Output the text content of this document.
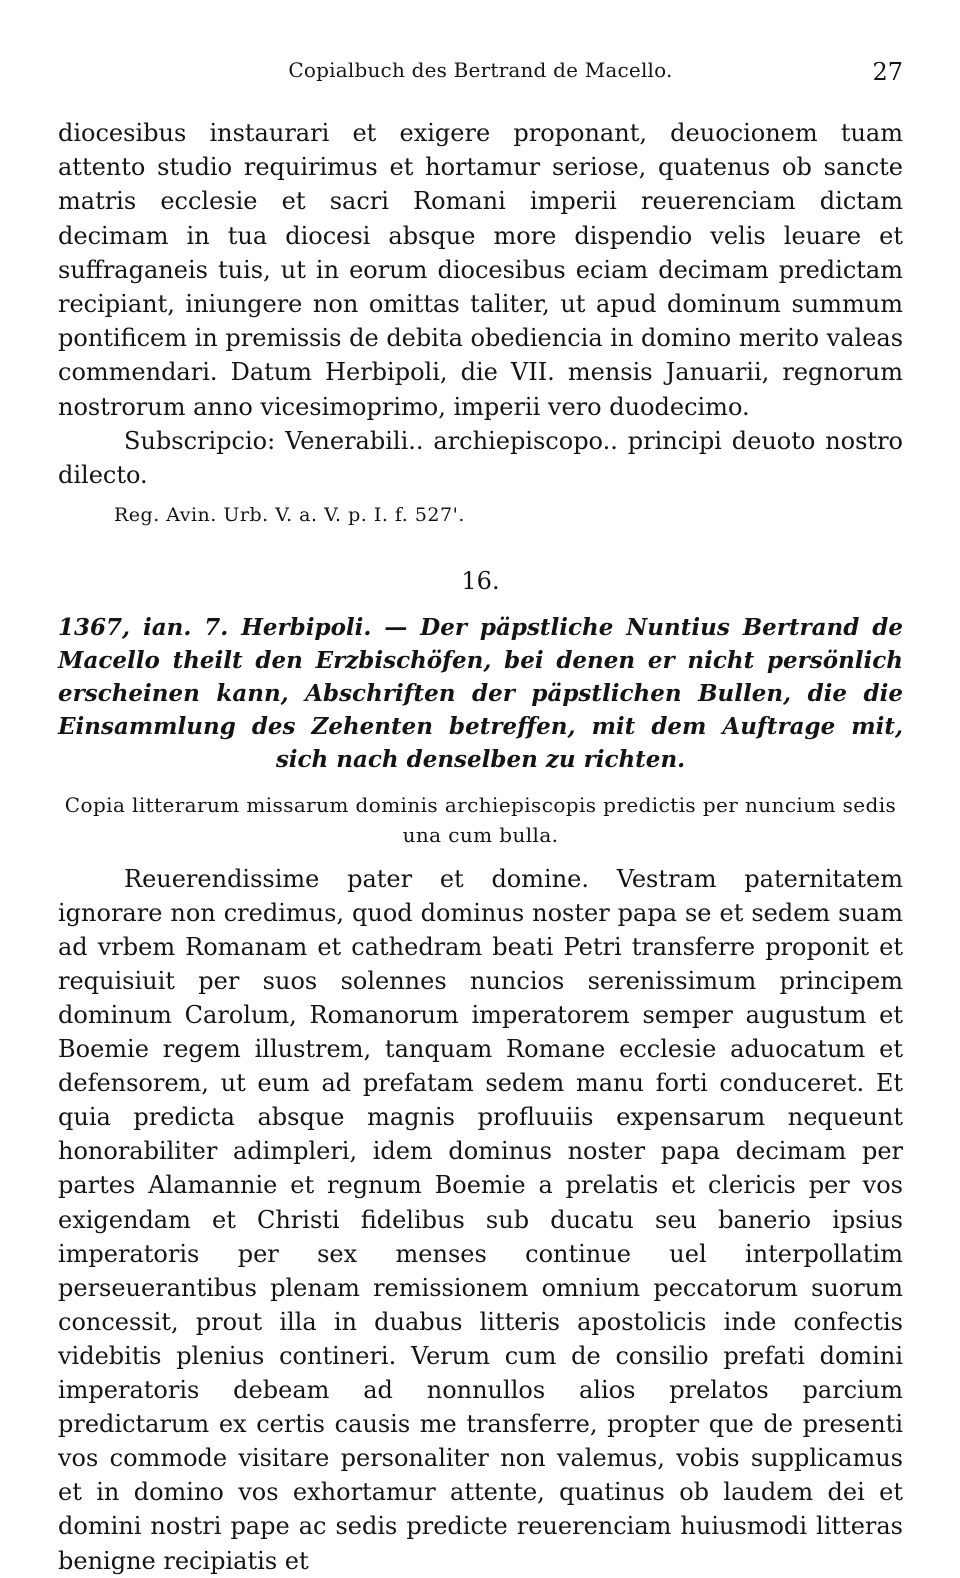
Copialbuch des Bertrand de Macello.	27

diocesibus instaurari et exigere proponant, deuocionem tuam attento studio requirimus et hortamur seriose, quatenus ob sancte matris ecclesie et sacri Romani imperii reuerenciam dictam decimam in tua diocesi absque more dispendio velis leuare et suffraganeis tuis, ut in eorum diocesibus eciam decimam predictam recipiant, iniungere non omittas taliter, ut apud dominum summum pontificem in premissis de debita obediencia in domino merito valeas commendari. Datum Herbipoli, die VII. mensis Januarii, regnorum nostrorum anno vicesimoprimo, imperii vero duodecimo.

Subscripcio: Venerabili.. archiepiscopo.. principi deuoto nostro dilecto.

Reg. Avin. Urb. V. a. V. p. I. f. 527'.

16.

1367, ian. 7. Herbipoli. — Der päpstliche Nuntius Bertrand de Macello theilt den Erzbischöfen, bei denen er nicht persönlich erscheinen kann, Abschriften der päpstlichen Bullen, die die Einsammlung des Zehenten betreffen, mit dem Auftrage mit, sich nach denselben zu richten.

Copia litterarum missarum dominis archiepiscopis predictis per nuncium sedis una cum bulla.

Reuerendissime pater et domine. Vestram paternitatem ignorare non credimus, quod dominus noster papa se et sedem suam ad vrbem Romanam et cathedram beati Petri transferre proponit et requisiuit per suos solennes nuncios serenissimum principem dominum Carolum, Romanorum imperatorem semper augustum et Boemie regem illustrem, tanquam Romane ecclesie aduocatum et defensorem, ut eum ad prefatam sedem manu forti conduceret. Et quia predicta absque magnis profluuiis expensarum nequeunt honorabiliter adimpleri, idem dominus noster papa decimam per partes Alamannie et regnum Boemie a prelatis et clericis per vos exigendam et Christi fidelibus sub ducatu seu banerio ipsius imperatoris per sex menses continue uel interpollatim perseuerantibus plenam remissionem omnium peccatorum suorum concessit, prout illa in duabus litteris apostolicis inde confectis videbitis plenius contineri. Verum cum de consilio prefati domini imperatoris debeam ad nonnullos alios prelatos parcium predictarum ex certis causis me transferre, propter que de presenti vos commode visitare personaliter non valemus, vobis supplicamus et in domino vos exhortamur attente, quatinus ob laudem dei et domini nostri pape ac sedis predicte reuerenciam huiusmodi litteras benigne recipiatis et
